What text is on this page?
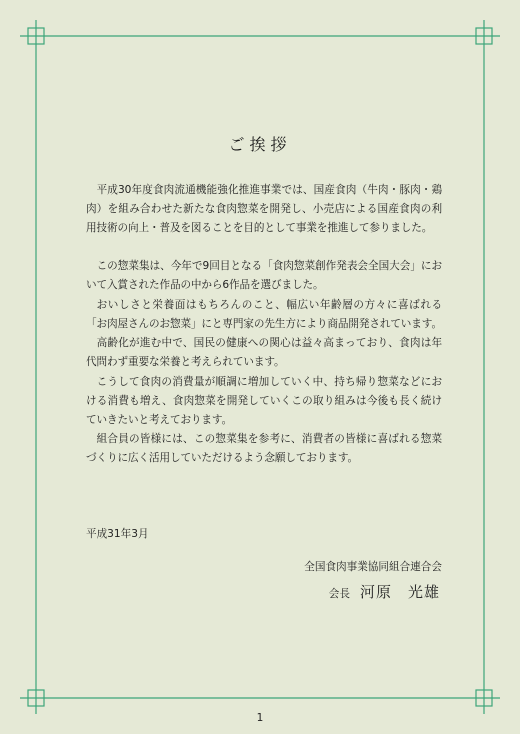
ご挨拶

平成30年度食肉流通機能強化推進事業では、国産食肉（牛肉・豚肉・鶏肉）を組み合わせた新たな食肉惣菜を開発し、小売店による国産食肉の利用技術の向上・普及を図ることを目的として事業を推進して参りました。

この惣菜集は、今年で9回目となる「食肉惣菜創作発表会全国大会」において入賞された作品の中から6作品を選びました。

おいしさと栄養面はもちろんのこと、幅広い年齢層の方々に喜ばれる「お肉屋さんのお惣菜」にと専門家の先生方により商品開発されています。

高齢化が進む中で、国民の健康への関心は益々高まっており、食肉は年代問わず重要な栄養と考えられています。

こうして食肉の消費量が順調に増加していく中、持ち帰り惣菜などにおける消費も増え、食肉惣菜を開発していくこの取り組みは今後も長く続けていきたいと考えております。

組合員の皆様には、この惣菜集を参考に、消費者の皆様に喜ばれる惣菜づくりに広く活用していただけるよう念願しております。

平成31年3月
全国食肉事業協同組合連合会
会長 河原　光雄
1
